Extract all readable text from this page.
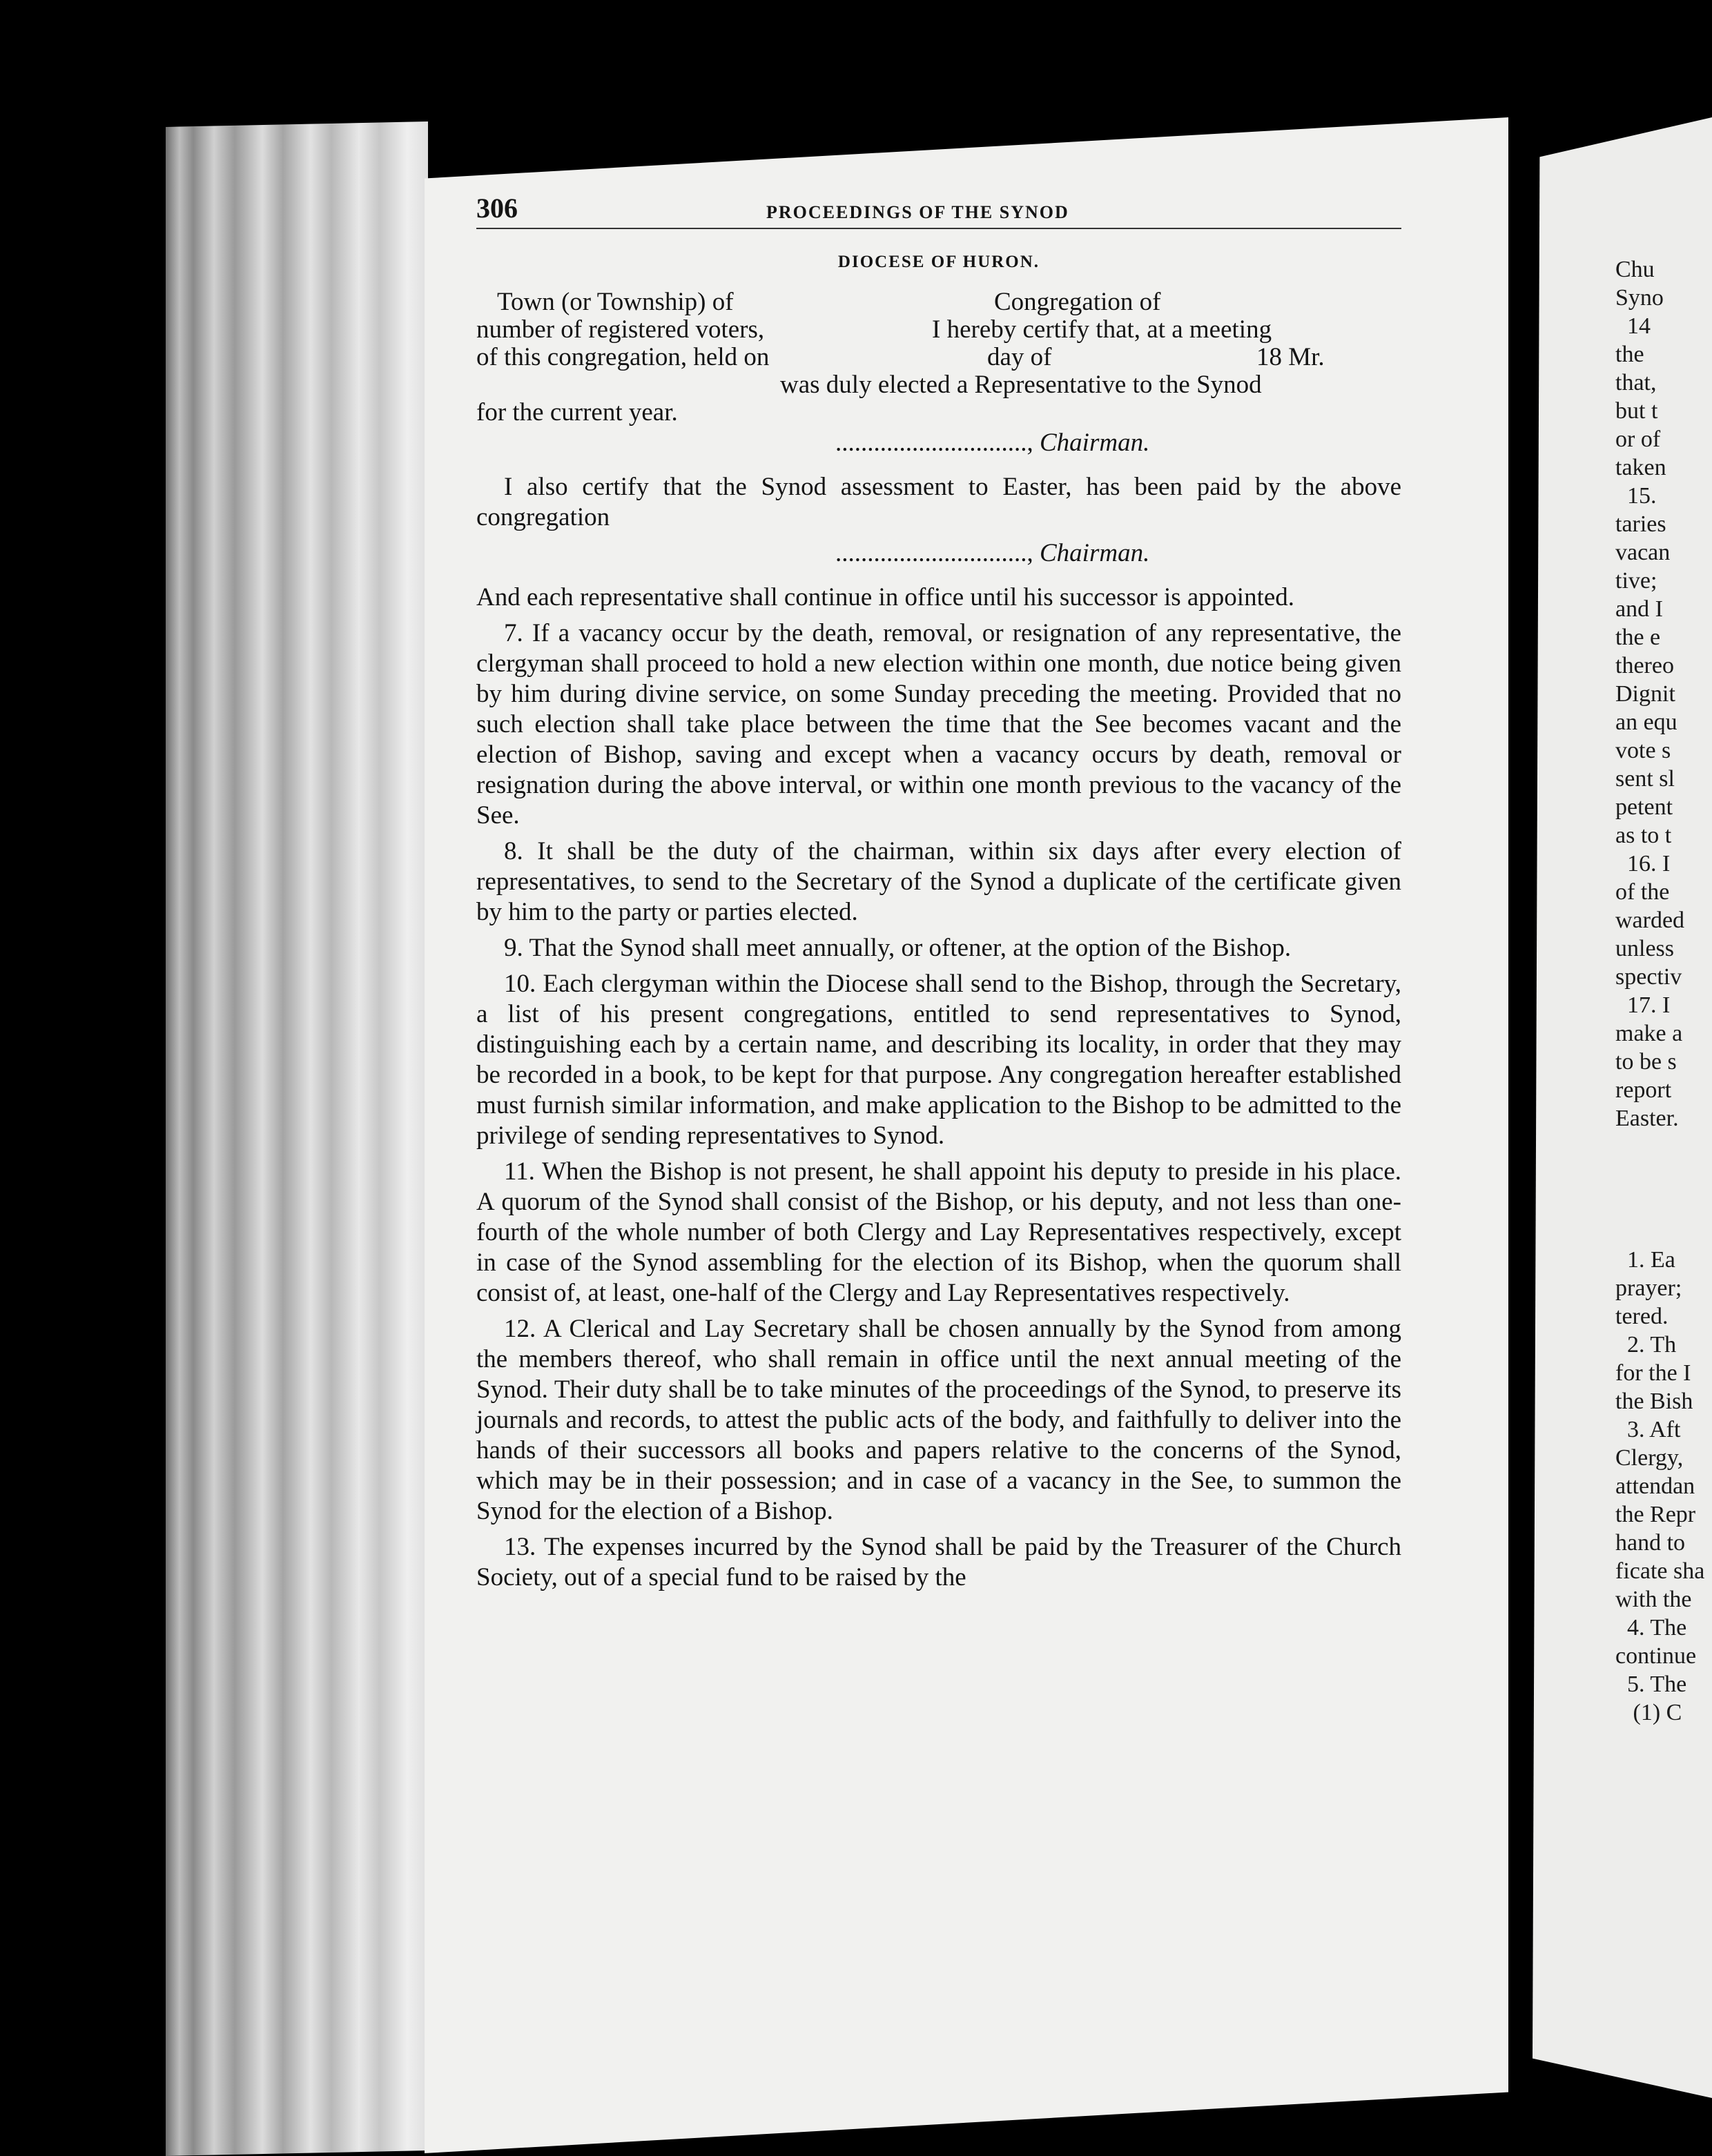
306	PROCEEDINGS OF THE SYNOD
DIOCESE OF HURON.
Town (or Township) of	Congregation of
number of registered voters,	I hereby certify that, at a meeting
of this congregation, held on	day of	18 Mr.
was duly elected a Representative to the Synod
for the current year.
.............................., Chairman.

I also certify that the Synod assessment to Easter, has been paid by the above congregation

.............................., Chairman.

And each representative shall continue in office until his successor is appointed.

7. If a vacancy occur by the death, removal, or resignation of any representative, the clergyman shall proceed to hold a new election within one month, due notice being given by him during divine service, on some Sunday preceding the meeting. Provided that no such election shall take place between the time that the See becomes vacant and the election of Bishop, saving and except when a vacancy occurs by death, removal or resignation during the above interval, or within one month previous to the vacancy of the See.

8. It shall be the duty of the chairman, within six days after every election of representatives, to send to the Secretary of the Synod a duplicate of the certificate given by him to the party or parties elected.

9. That the Synod shall meet annually, or oftener, at the option of the Bishop.

10. Each clergyman within the Diocese shall send to the Bishop, through the Secretary, a list of his present congregations, entitled to send representatives to Synod, distinguishing each by a certain name, and describing its locality, in order that they may be recorded in a book, to be kept for that purpose. Any congregation hereafter established must furnish similar information, and make application to the Bishop to be admitted to the privilege of sending representatives to Synod.

11. When the Bishop is not present, he shall appoint his deputy to preside in his place. A quorum of the Synod shall consist of the Bishop, or his deputy, and not less than one-fourth of the whole number of both Clergy and Lay Representatives respectively, except in case of the Synod assembling for the election of its Bishop, when the quorum shall consist of, at least, one-half of the Clergy and Lay Representatives respectively.

12. A Clerical and Lay Secretary shall be chosen annually by the Synod from among the members thereof, who shall remain in office until the next annual meeting of the Synod. Their duty shall be to take minutes of the proceedings of the Synod, to preserve its journals and records, to attest the public acts of the body, and faithfully to deliver into the hands of their successors all books and papers relative to the concerns of the Synod, which may be in their possession; and in case of a vacancy in the See, to summon the Synod for the election of a Bishop.

13. The expenses incurred by the Synod shall be paid by the Treasurer of the Church Society, out of a special fund to be raised by the

Chu
Syno
14
the
that,
but t
or of
taken
15.
taries
vacan
tive;
and I
the e
thereo
Dignit
an equ
vote s
sent sl
petent
as to t
16. I
of the
warded
unless
spectiv
17. I
make a
to be s
report
Easter.

1. Ea
prayer;
tered.
2. Th
for the I
the Bish
3. Aft
Clergy,
attendan
the Repr
hand to
ficate sha
with the
4. The
continue
5. The
(1) C
